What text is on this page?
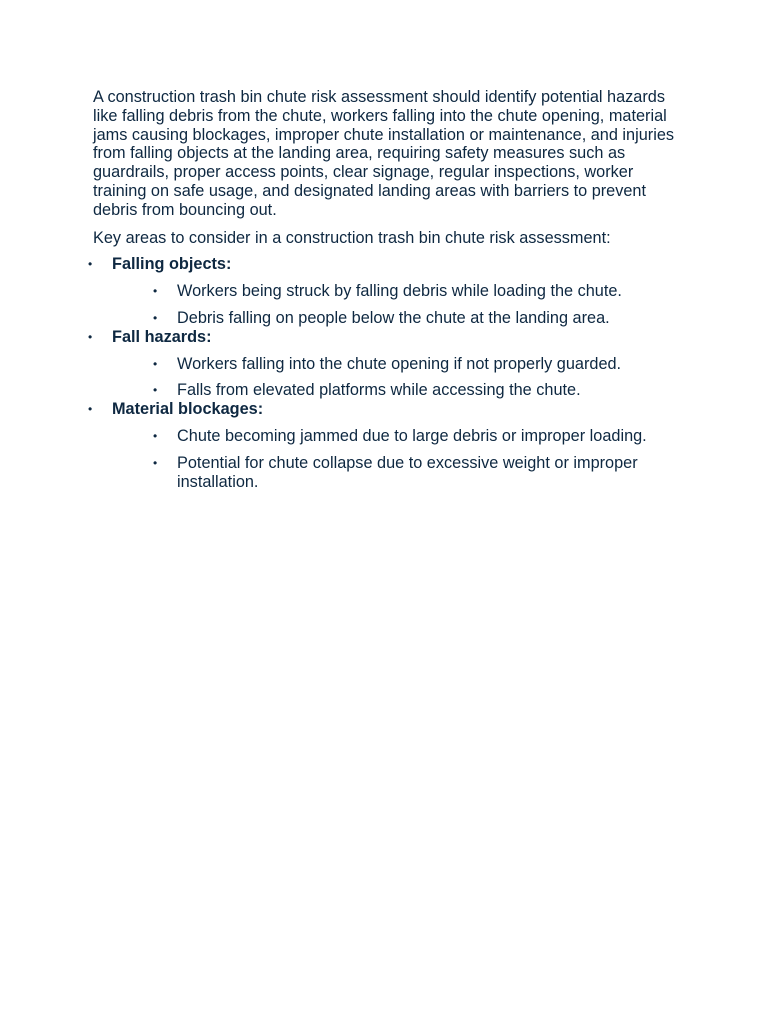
A construction trash bin chute risk assessment should identify potential hazards like falling debris from the chute, workers falling into the chute opening, material jams causing blockages, improper chute installation or maintenance, and injuries from falling objects at the landing area, requiring safety measures such as guardrails, proper access points, clear signage, regular inspections, worker training on safe usage, and designated landing areas with barriers to prevent debris from bouncing out.

Key areas to consider in a construction trash bin chute risk assessment:

• Falling objects:
• Workers being struck by falling debris while loading the chute.
• Debris falling on people below the chute at the landing area.
• Fall hazards:
• Workers falling into the chute opening if not properly guarded.
• Falls from elevated platforms while accessing the chute.
• Material blockages:
• Chute becoming jammed due to large debris or improper loading.
• Potential for chute collapse due to excessive weight or improper installation.
